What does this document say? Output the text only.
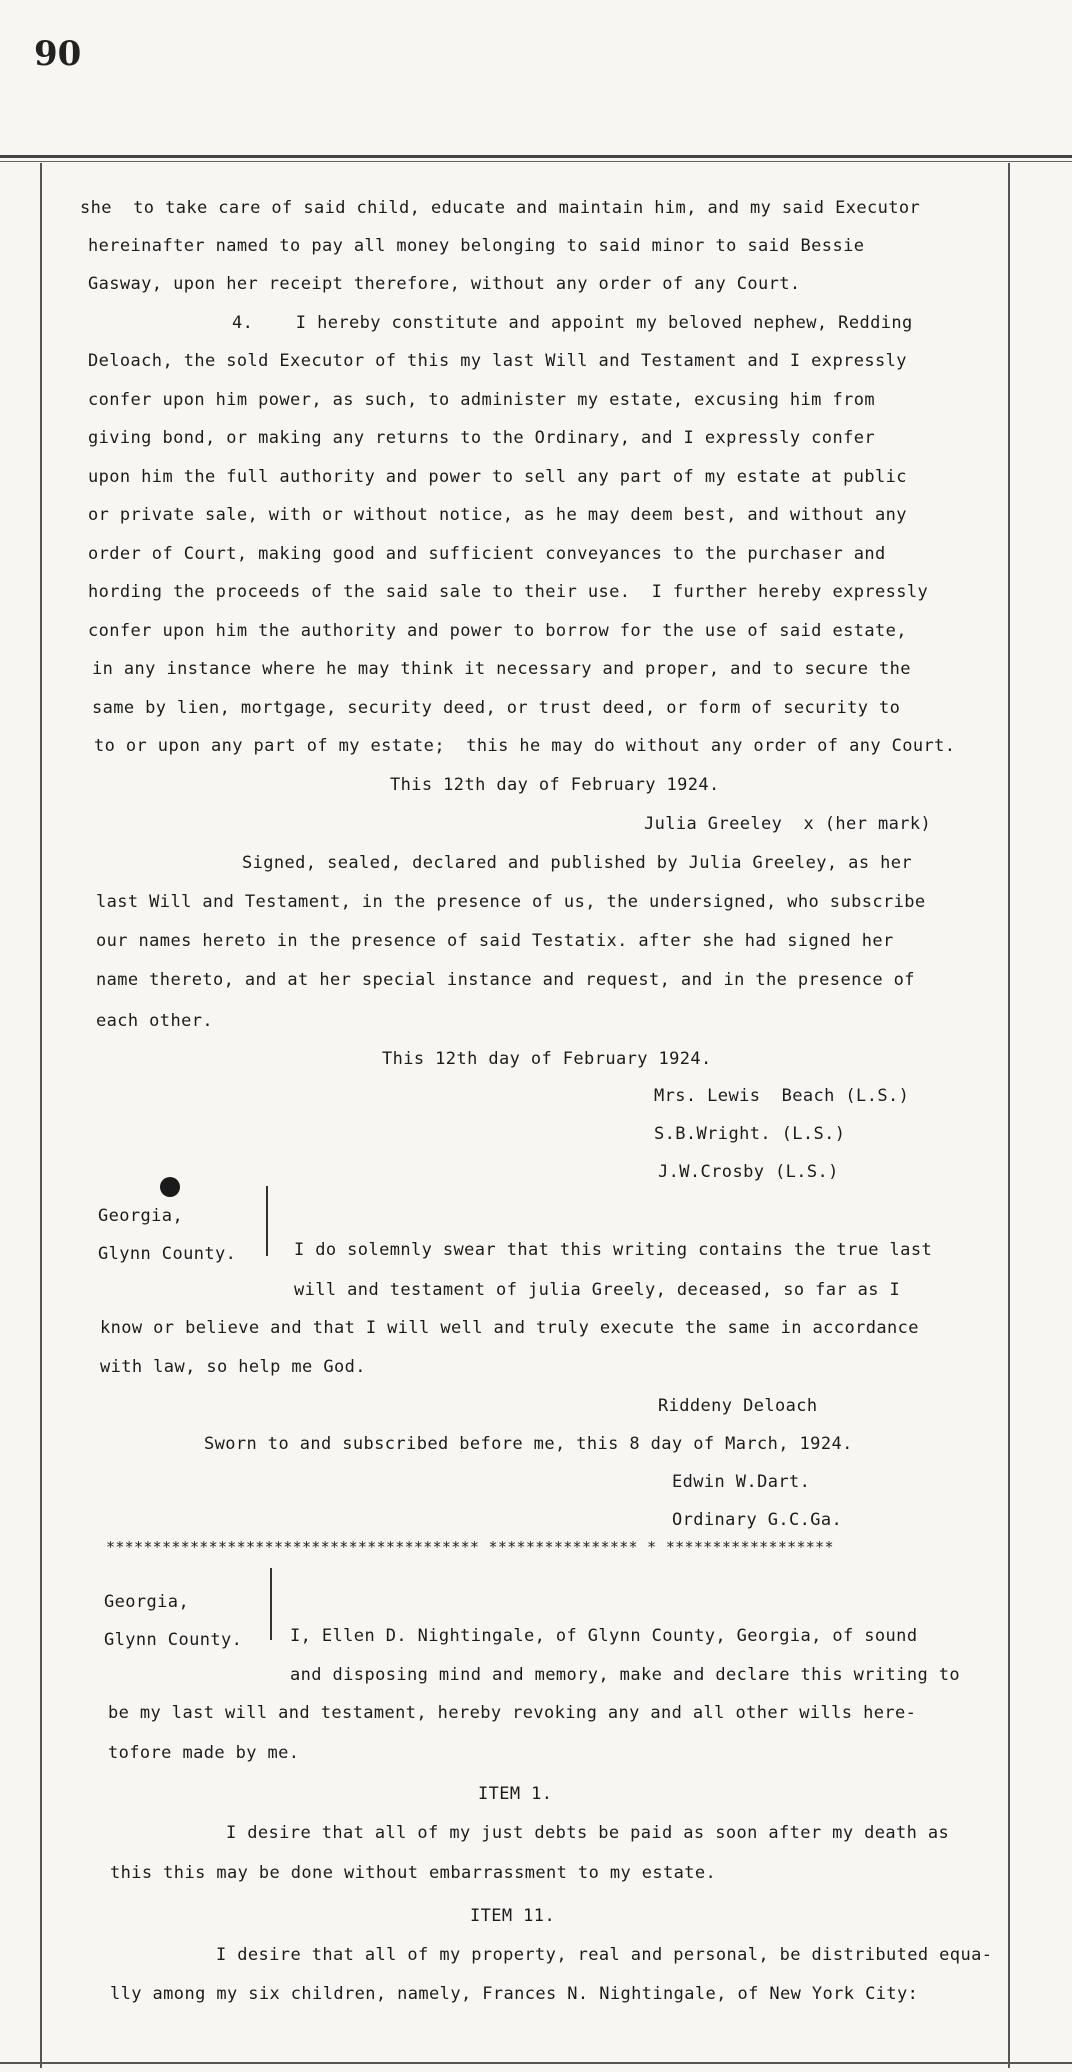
90
she  to take care of said child, educate and maintain him, and my said Executor
hereinafter named to pay all money belonging to said minor to said Bessie
Gasway, upon her receipt therefore, without any order of any Court.
4.    I hereby constitute and appoint my beloved nephew, Redding
Deloach, the sold Executor of this my last Will and Testament and I expressly
confer upon him power, as such, to administer my estate, excusing him from
giving bond, or making any returns to the Ordinary, and I expressly confer
upon him the full authority and power to sell any part of my estate at public
or private sale, with or without notice, as he may deem best, and without any
order of Court, making good and sufficient conveyances to the purchaser and
hording the proceeds of the said sale to their use.  I further hereby expressly
confer upon him the authority and power to borrow for the use of said estate,
in any instance where he may think it necessary and proper, and to secure the
same by lien, mortgage, security deed, or trust deed, or form of security to
to or upon any part of my estate;  this he may do without any order of any Court.
This 12th day of February 1924.
Julia Greeley  x (her mark)
Signed, sealed, declared and published by Julia Greeley, as her
last Will and Testament, in the presence of us, the undersigned, who subscribe
our names hereto in the presence of said Testatix. after she had signed her
name thereto, and at her special instance and request, and in the presence of
each other.
This 12th day of February 1924.
Mrs. Lewis  Beach (L.S.)
S.B.Wright. (L.S.)
J.W.Crosby (L.S.)
Georgia,
Glynn County.	I do solemnly swear that this writing contains the true last
will and testament of julia Greely, deceased, so far as I
know or believe and that I will well and truly execute the same in accordance
with law, so help me God.
Riddeny Deloach
Sworn to and subscribed before me, this 8 day of March, 1924.
Edwin W.Dart.
Ordinary G.C.Ga.
**************************************** **************** * ******************
Georgia,
Glynn County.	I, Ellen D. Nightingale, of Glynn County, Georgia, of sound
and disposing mind and memory, make and declare this writing to
be my last will and testament, hereby revoking any and all other wills here-
tofore made by me.
ITEM 1.
I desire that all of my just debts be paid as soon after my death as
this this may be done without embarrassment to my estate.
ITEM 11.
I desire that all of my property, real and personal, be distributed equa-
lly among my six children, namely, Frances N. Nightingale, of New York City:
